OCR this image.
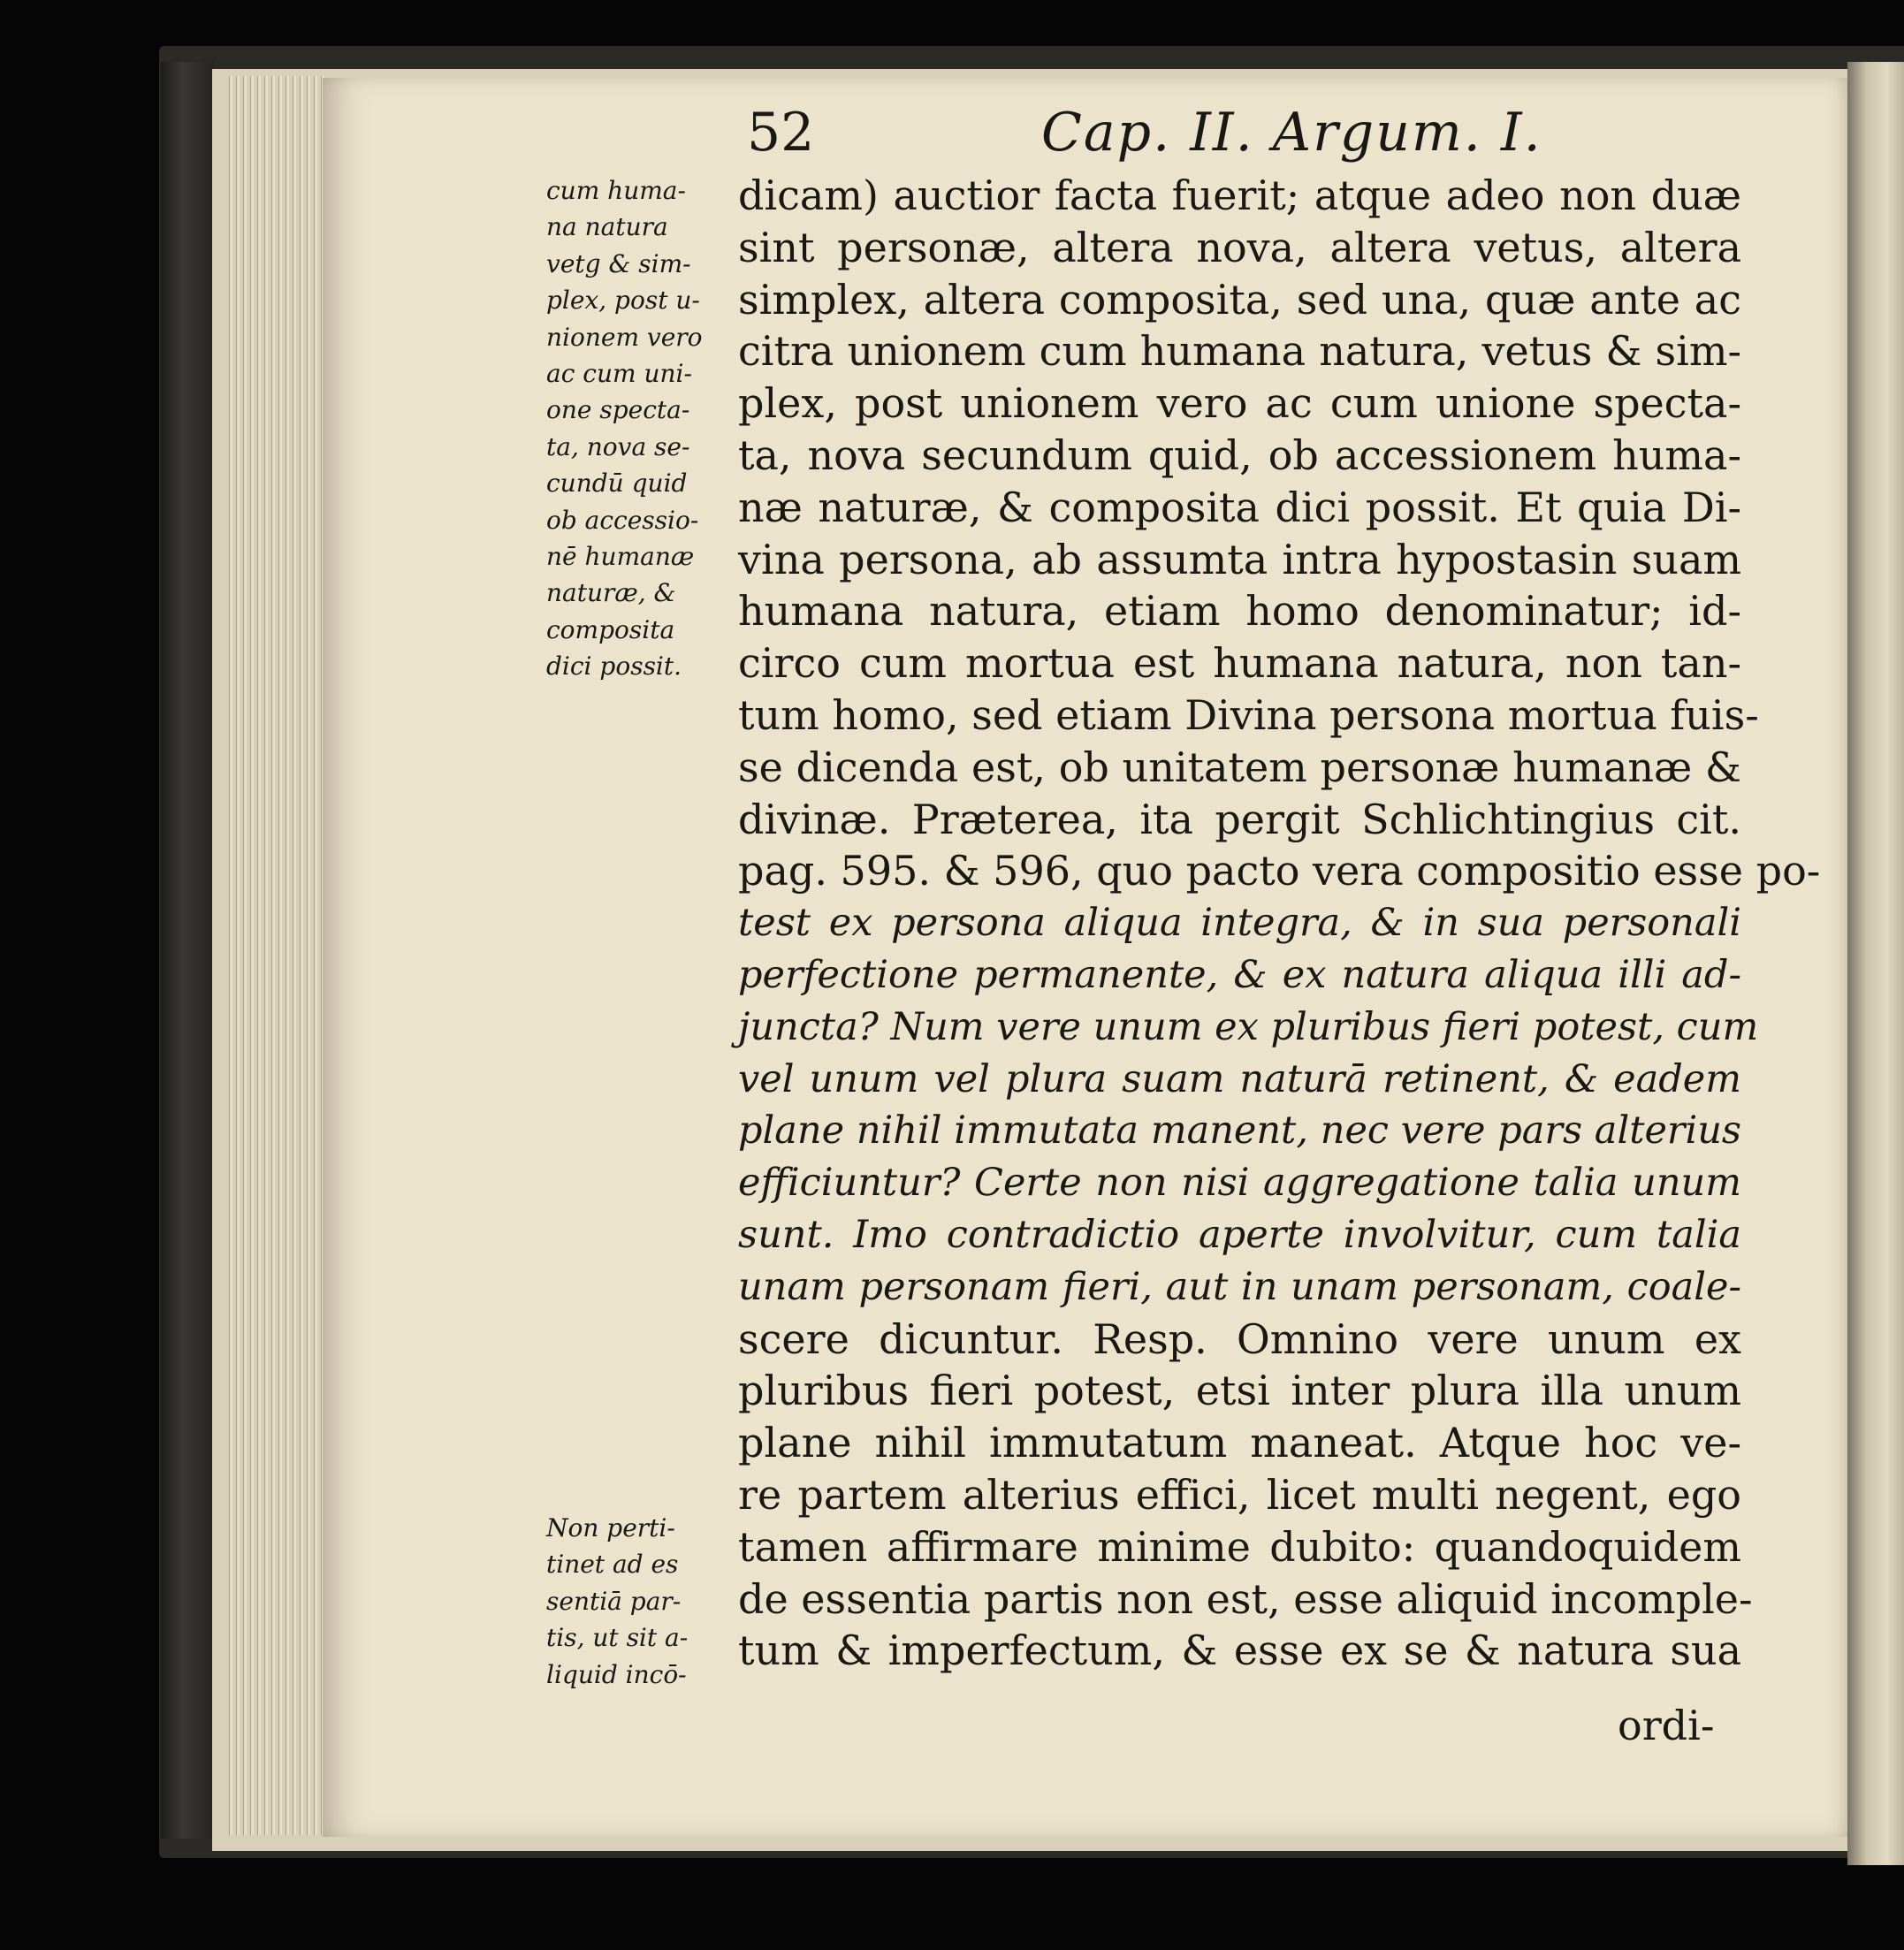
52	Cap. II. Argum. I.
cum huma-
na natura
vetg & sim-
plex, post u-
nionem vero
ac cum uni-
one specta-
ta, nova se-
cundū quid
ob accessio-
nē humanæ
naturæ, &
composita
dici possit.
Non perti-
tinet ad es
sentiā par-
tis, ut sit a-
liquid incō-
dicam) auctior facta fuerit; atque adeo non duæ
sint personæ, altera nova, altera vetus, altera
simplex, altera composita, sed una, quæ ante ac
citra unionem cum humana natura, vetus & sim-
plex, post unionem vero ac cum unione specta-
ta, nova secundum quid, ob accessionem huma-
næ naturæ, & composita dici possit. Et quia Di-
vina persona, ab assumta intra hypostasin suam
humana natura, etiam homo denominatur; id-
circo cum mortua est humana natura, non tan-
tum homo, sed etiam Divina persona mortua fuis-
se dicenda est, ob unitatem personæ humanæ &
divinæ. Præterea, ita pergit Schlichtingius cit.
pag. 595. & 596, quo pacto vera compositio esse po-
test ex persona aliqua integra, & in sua personali
perfectione permanente, & ex natura aliqua illi ad-
juncta? Num vere unum ex pluribus fieri potest, cum
vel unum vel plura suam naturā retinent, & eadem
plane nihil immutata manent, nec vere pars alterius
efficiuntur? Certe non nisi aggregatione talia unum
sunt. Imo contradictio aperte involvitur, cum talia
unam personam fieri, aut in unam personam, coale-
scere dicuntur. Resp. Omnino vere unum ex
pluribus fieri potest, etsi inter plura illa unum
plane nihil immutatum maneat. Atque hoc ve-
re partem alterius effici, licet multi negent, ego
tamen affirmare minime dubito: quandoquidem
de essentia partis non est, esse aliquid incomple-
tum & imperfectum, & esse ex se & natura sua
ordi-
